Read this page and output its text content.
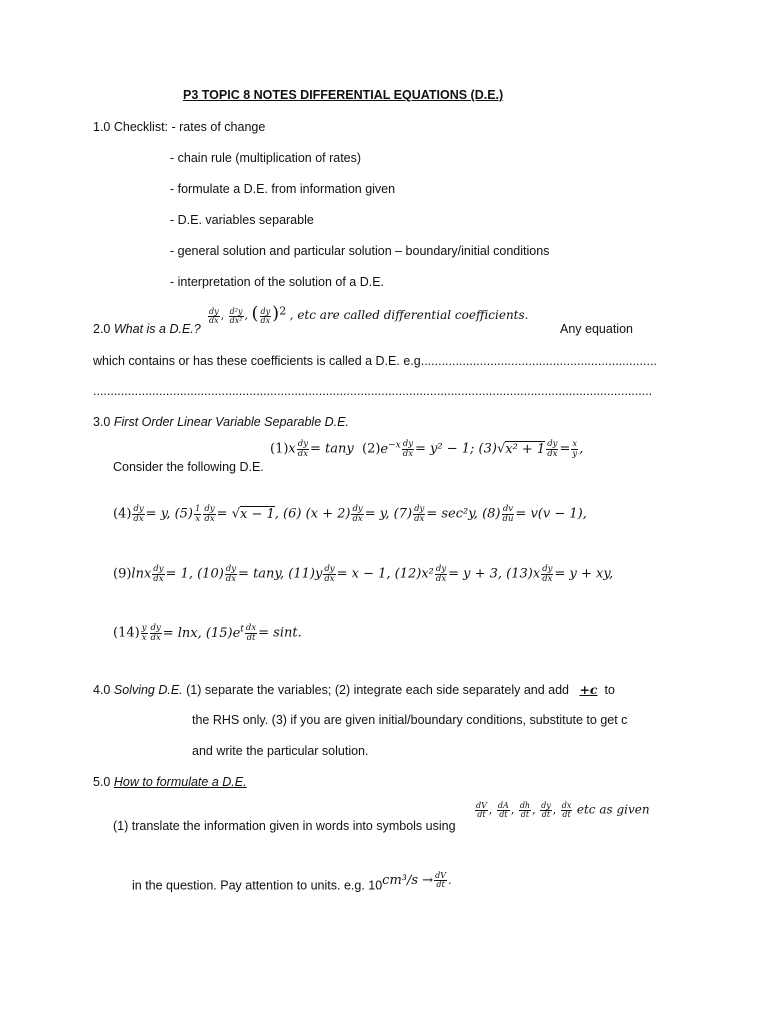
P3 TOPIC 8 NOTES DIFFERENTIAL EQUATIONS (D.E.)
1.0 Checklist: - rates of change
- chain rule (multiplication of rates)
- formulate a D.E. from information given
- D.E. variables separable
- general solution and particular solution – boundary/initial conditions
- interpretation of the solution of a D.E.
2.0 What is a D.E.?
$\frac{dy}{dx}$ , $\frac{\text{d²y}}{\text{dx²}}$ , ( $\frac{dy}{dx} )^2$ , etc are called differential coefficients.
Any equation
which contains or has these coefficients is called a D.E. e.g....................................................................
.................................................................................................................................................................
3.0 First Order Linear Variable Separable D.E.
Consider the following D.E.
$(1)x \frac{dy}{dx} = \tan y$  $(2)e^{-x} \frac{dy}{dx} = y^2 - 1$; $(3)√x^2 + 1 \frac{dy}{dx} = \frac{x}{y}$ ,
$(4) \frac{dy}{dx} = y$, $(5) \frac{1}{x} \frac{dy}{dx} = √x - 1$, (6) $(x + 2) \frac{dy}{dx} = y$, $(7) \frac{dy}{dx} = \sec^2y$, $(8) \frac{dv}{du} = v(v - 1)$,
$(9)\ln x \frac{dy}{dx} = 1$, $(10) \frac{dy}{dx} = \tan y$, $(11)y \frac{dy}{dx} = x - 1$, $(12)x^2 \frac{dy}{dx} = y + 3$, $(13)x \frac{dy}{dx} = y$ + xy,
$(14) \frac{y}{x} \frac{dy}{dx} = \ln x$, $(15)e^t \frac{dx}{dt} = \sin t$.
4.0 Solving D.E. (1) separate the variables; (2) integrate each side separately and add +c to
the RHS only. (3) if you are given initial/boundary conditions, substitute to get c
and write the particular solution.
5.0 How to formulate a D.E.
(1) translate the information given in words into symbols using
$\frac{dV}{dt}$ , $\frac{dA}{dt}$ , $\frac{dh}{dt}$ , $\frac{dy}{dt}$ , $\frac{dx}{dt}$ etc as given
in the question. Pay attention to units. e.g. $10cm^3/s \to \frac{dV}{dt}$ .
